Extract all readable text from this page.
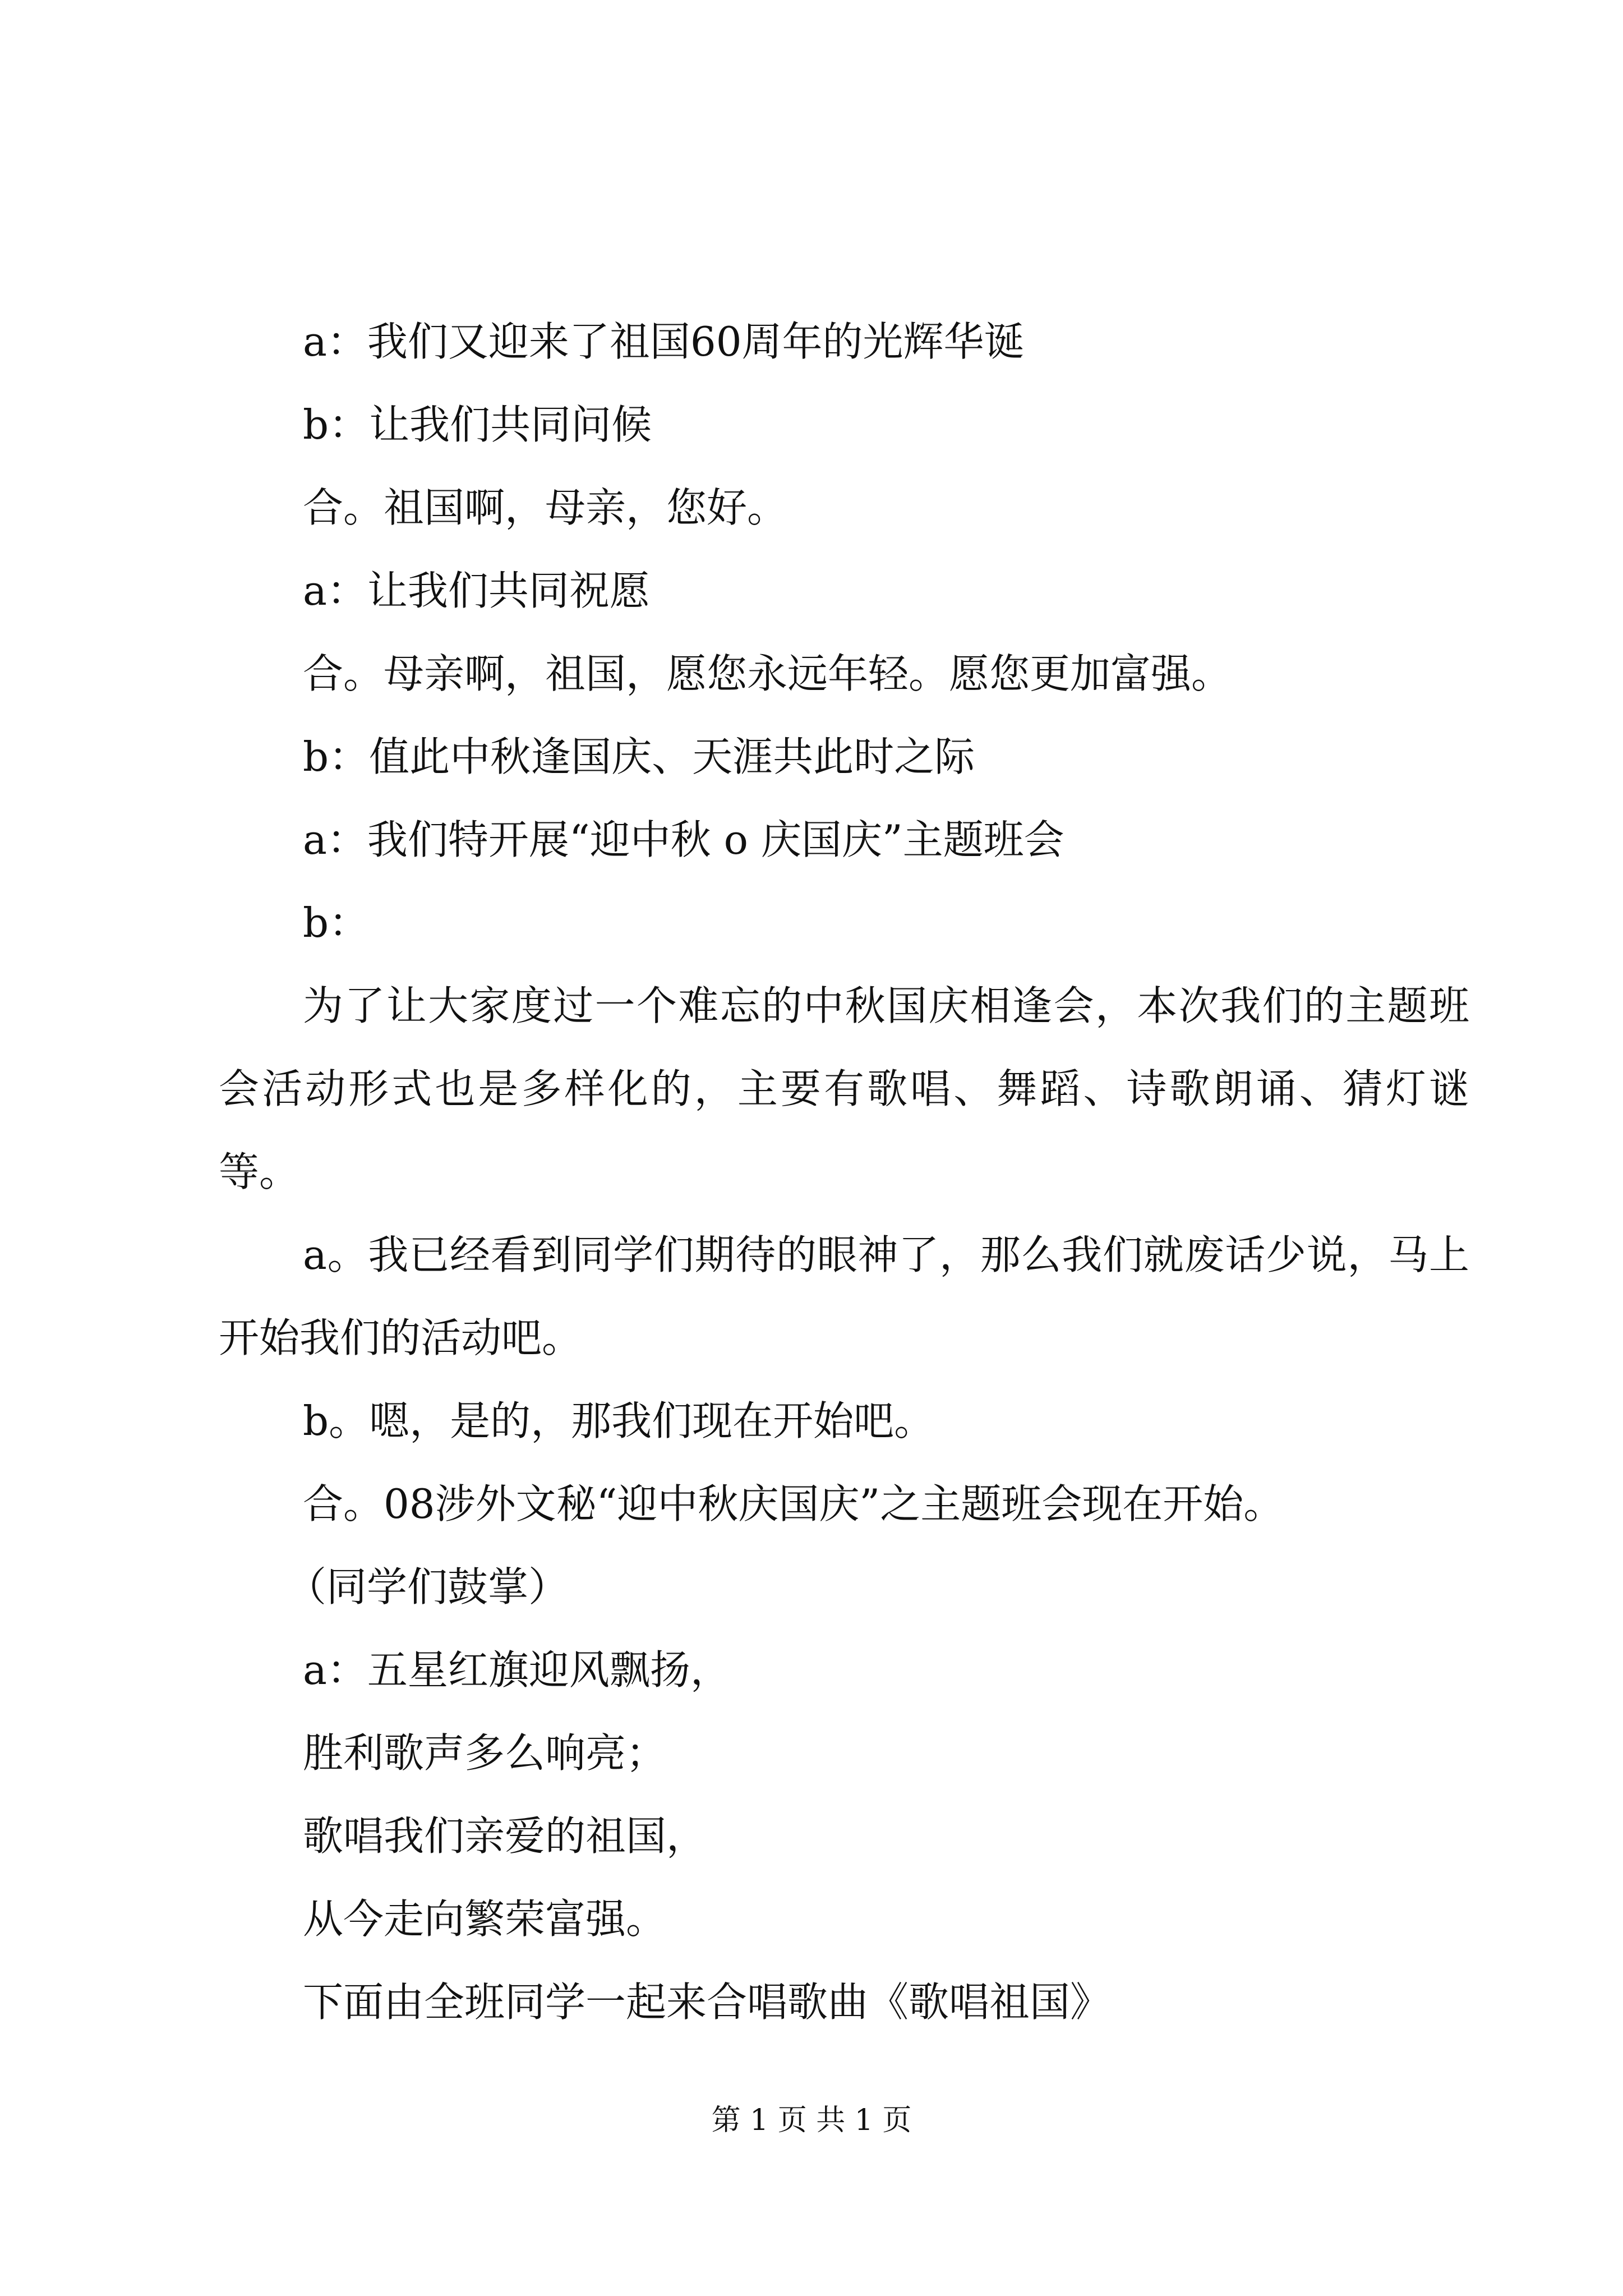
a：我们又迎来了祖国60周年的光辉华诞

b：让我们共同问候

合。祖国啊，母亲，您好。

a：让我们共同祝愿

合。母亲啊，祖国，愿您永远年轻。愿您更加富强。

b：值此中秋逢国庆、天涯共此时之际

a：我们特开展“迎中秋 o 庆国庆”主题班会

b：

为了让大家度过一个难忘的中秋国庆相逢会，本次我们的主题班会活动形式也是多样化的，主要有歌唱、舞蹈、诗歌朗诵、猜灯谜等。

a。我已经看到同学们期待的眼神了，那么我们就废话少说，马上开始我们的活动吧。

b。嗯，是的，那我们现在开始吧。

合。08涉外文秘“迎中秋庆国庆”之主题班会现在开始。

（同学们鼓掌）

a：五星红旗迎风飘扬，

胜利歌声多么响亮；

歌唱我们亲爱的祖国，

从今走向繁荣富强。

下面由全班同学一起来合唱歌曲《歌唱祖国》

第 1 页 共 1 页
